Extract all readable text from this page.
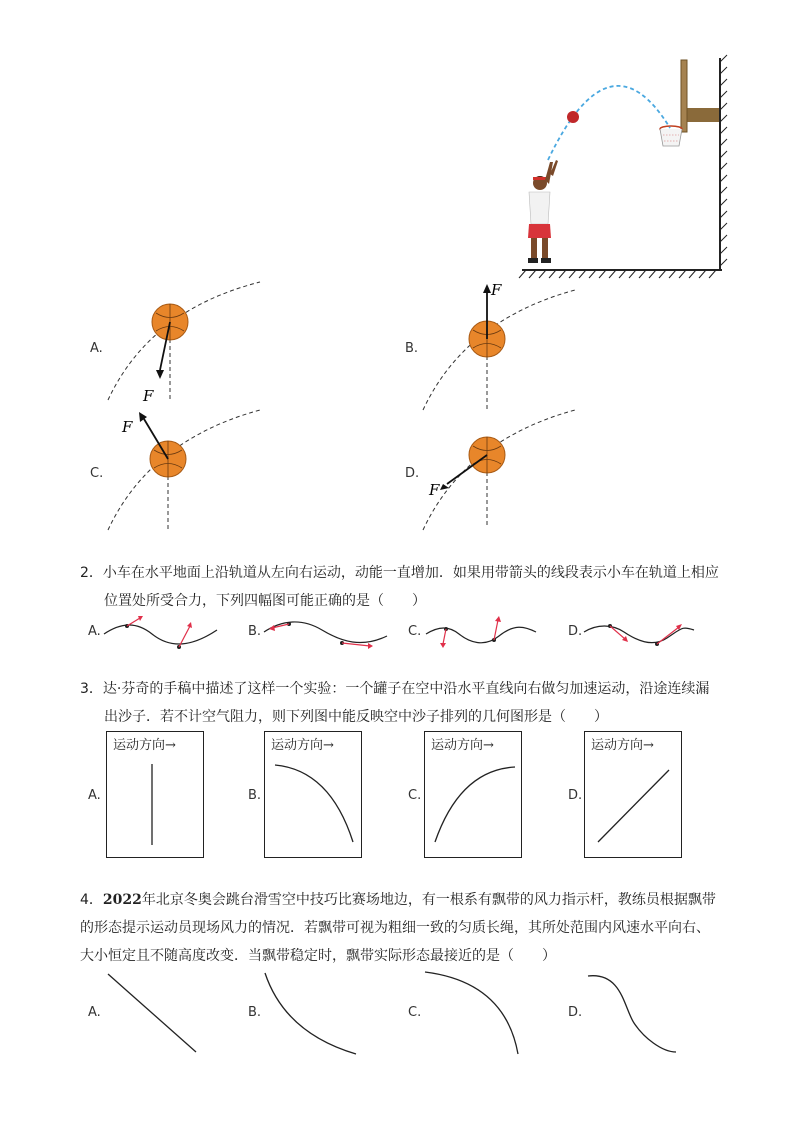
A.
F
B.
F
C.
F
D.
F
2．小车在水平地面上沿轨道从左向右运动，动能一直增加．如果用带箭头的线段表示小车在轨道上相应
位置处所受合力，下列四幅图可能正确的是（　　）
A.	B.	C.	D.
3．达·芬奇的手稿中描述了这样一个实验：一个罐子在空中沿水平直线向右做匀加速运动，沿途连续漏
出沙子．若不计空气阻力，则下列图中能反映空中沙子排列的几何图形是（　　）
A.
运动方向→
B.
运动方向→
C.
运动方向→
D.
运动方向→
4．2022年北京冬奥会跳台滑雪空中技巧比赛场地边，有一根系有飘带的风力指示杆，教练员根据飘带
的形态提示运动员现场风力的情况．若飘带可视为粗细一致的匀质长绳，其所处范围内风速水平向右、
大小恒定且不随高度改变．当飘带稳定时，飘带实际形态最接近的是（　　）
A.	B.	C.	D.
